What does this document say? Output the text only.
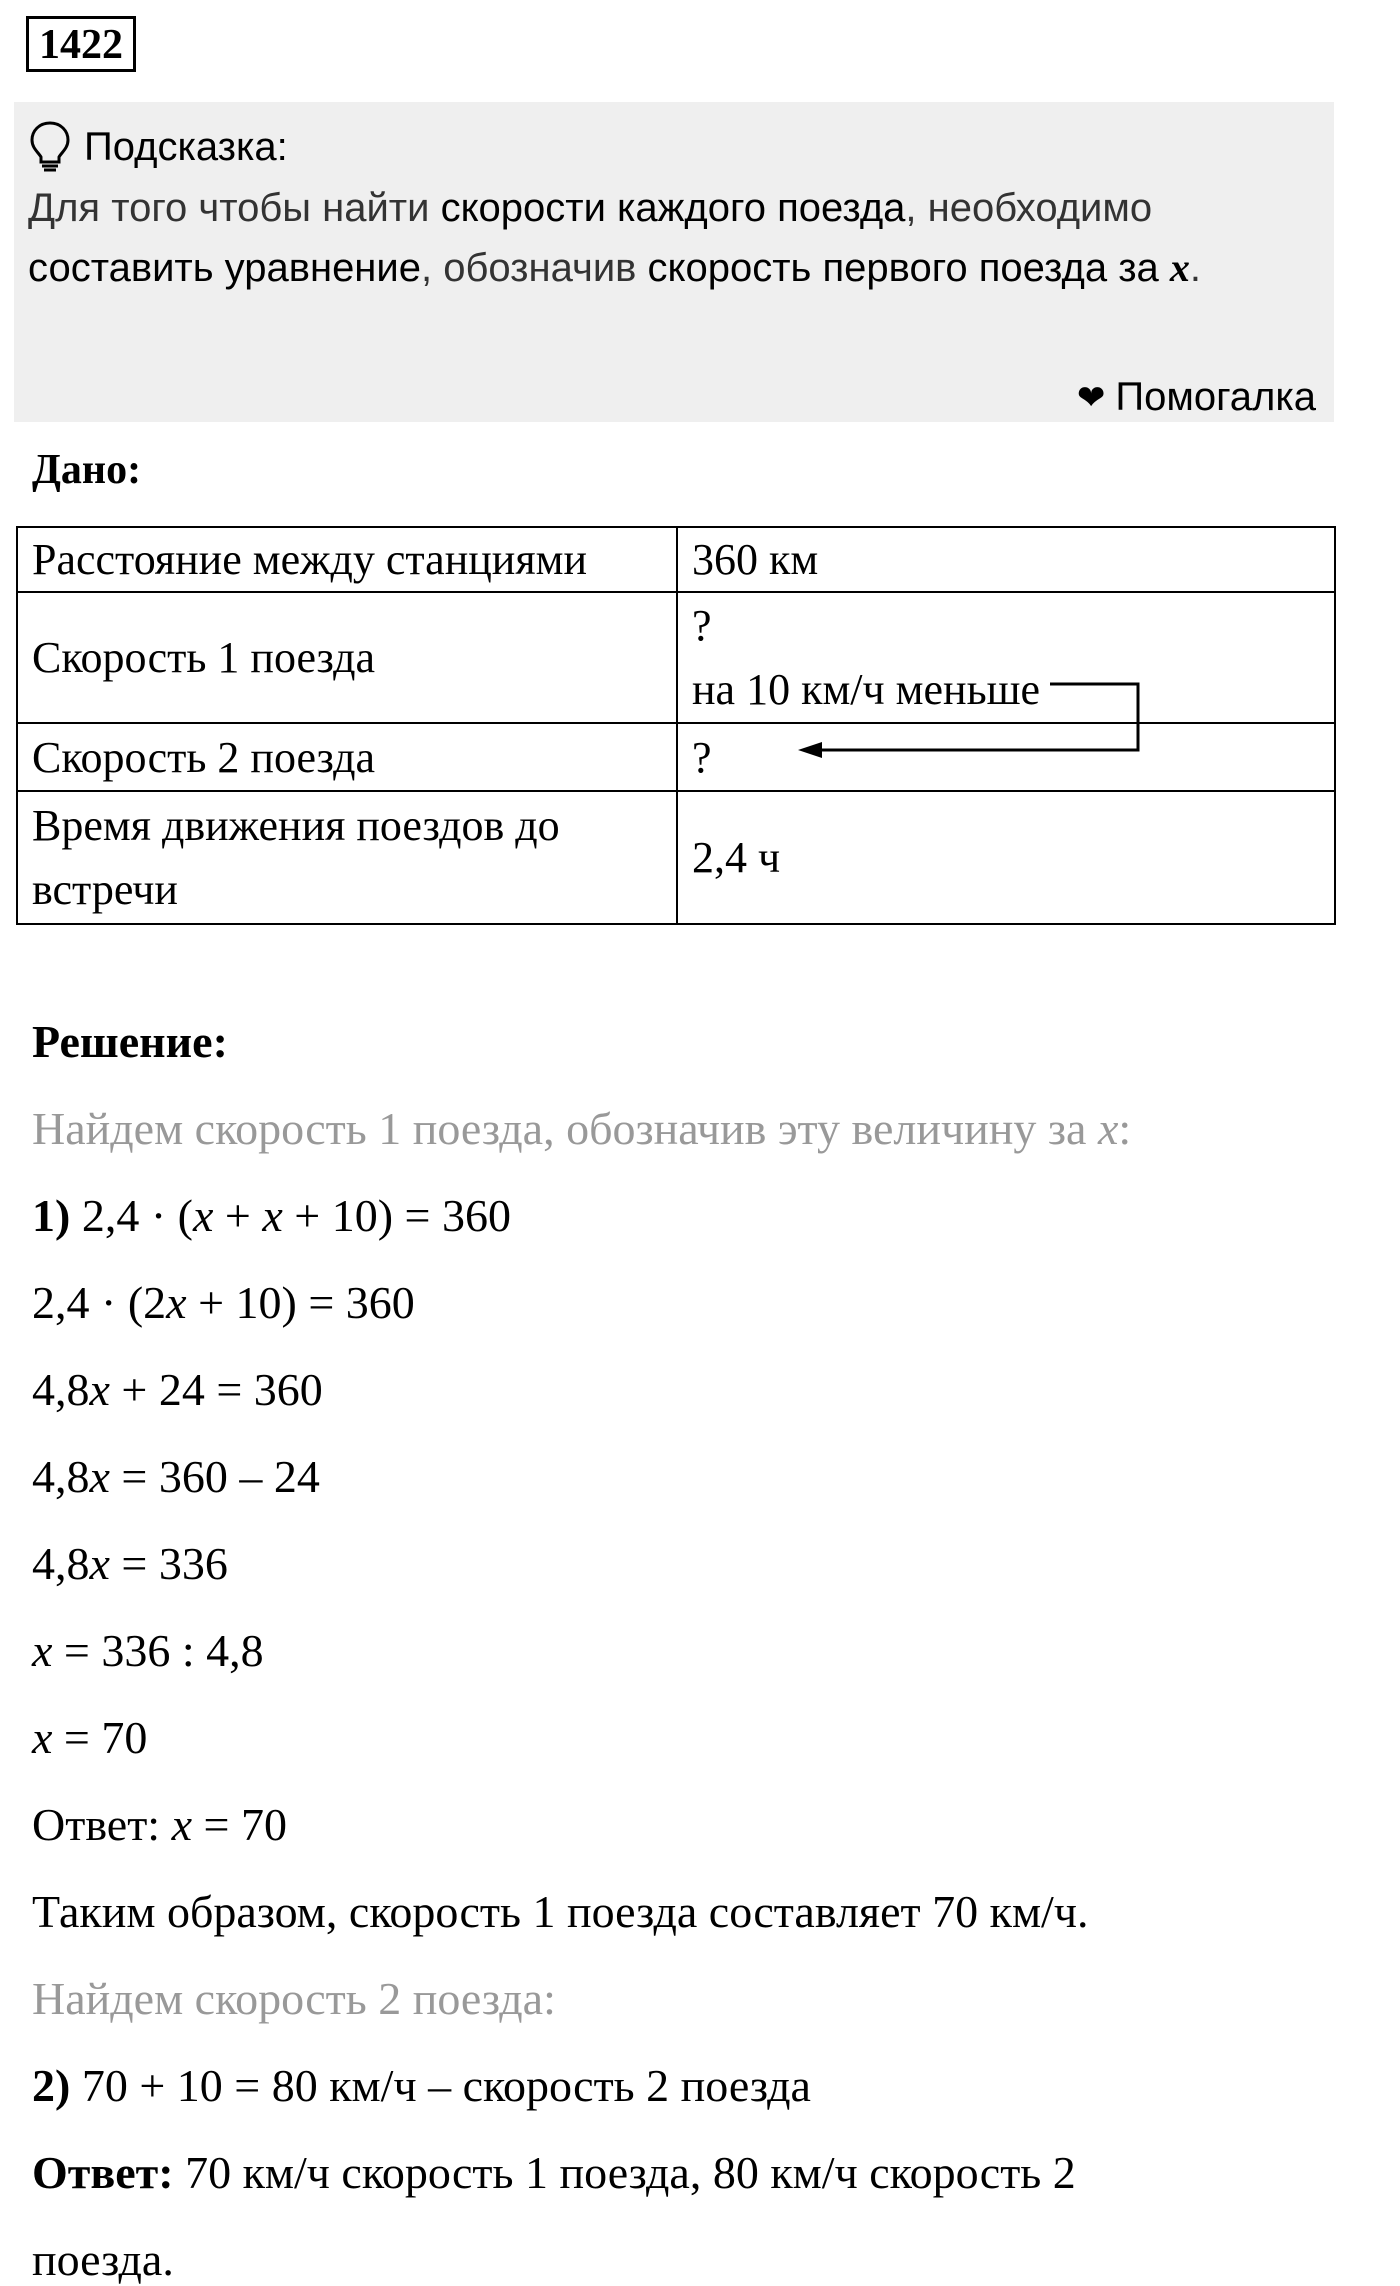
1422
Подсказка:
Для того чтобы найти скорости каждого поезда, необходимо составить уравнение, обозначив скорость первого поезда за x.
❤ Помогалка
Дано:
Расстояние между станциями	360 км
Скорость 1 поезда	?
на 10 км/ч меньше

Скорость 2 поезда	?
Время движения поездов до встречи	2,4 ч
Решение:
Найдем скорость 1 поезда, обозначив эту величину за x:
1) 2,4 · (x + x + 10) = 360
2,4 · (2x + 10) = 360
4,8x + 24 = 360
4,8x = 360 – 24
4,8x = 336
x = 336 : 4,8
x = 70
Ответ: x = 70
Таким образом, скорость 1 поезда составляет 70 км/ч.
Найдем скорость 2 поезда:
2) 70 + 10 = 80 км/ч – скорость 2 поезда
Ответ: 70 км/ч скорость 1 поезда, 80 км/ч скорость 2
поезда.
